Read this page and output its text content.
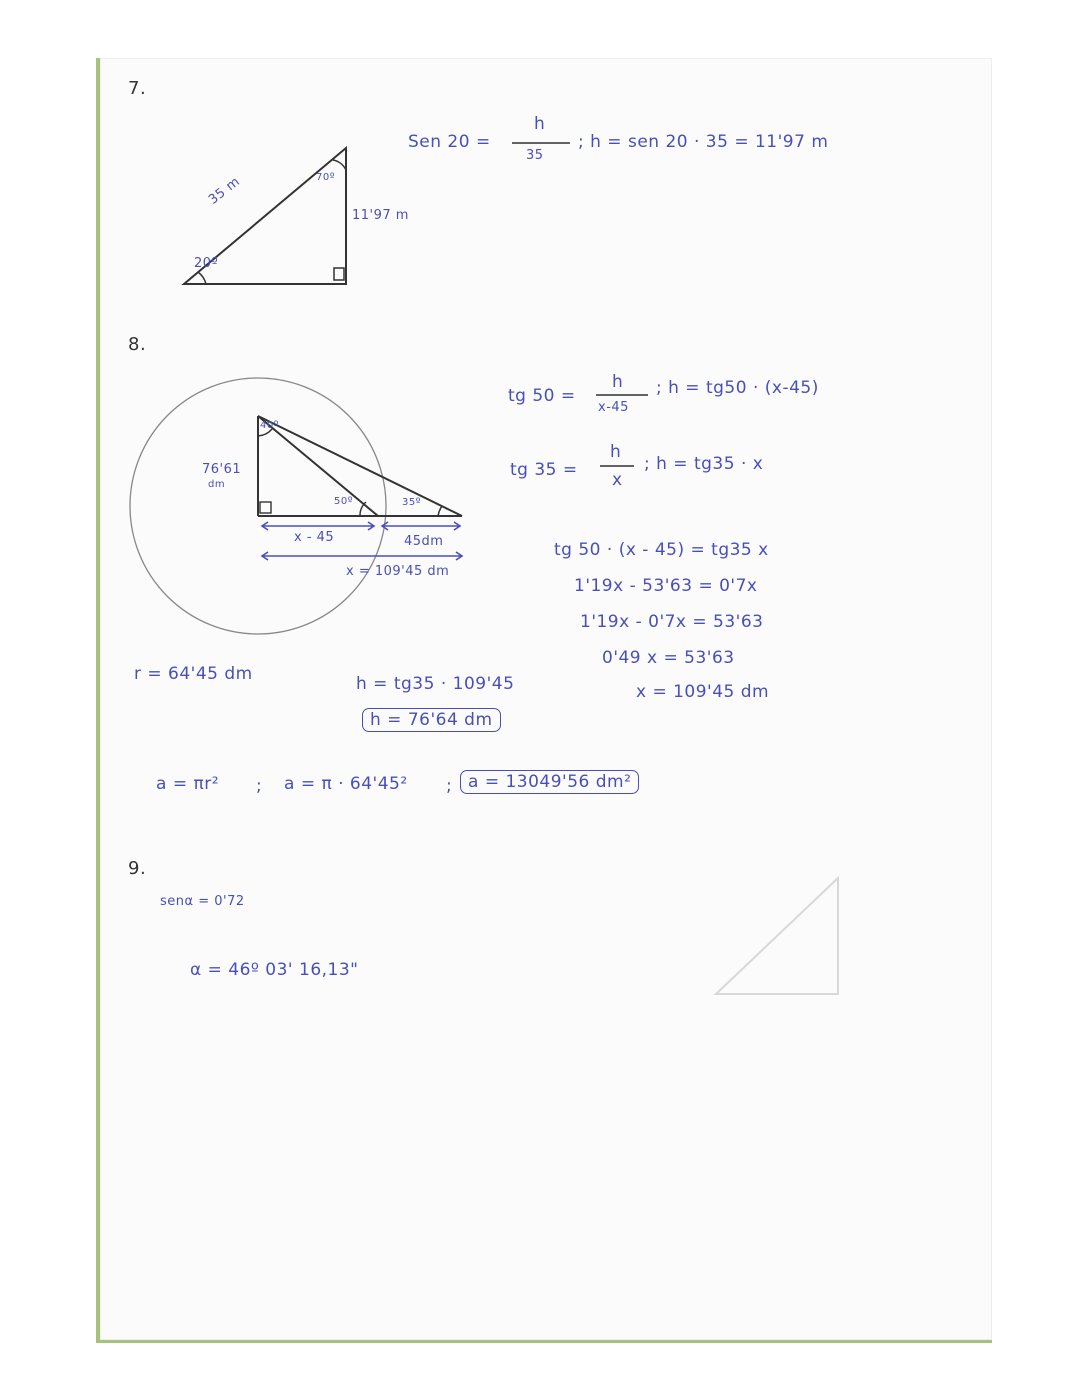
7.
35 m
20º
70º
11'97 m
Sen 20 =
h
35
; h = sen 20 · 35 = 11'97 m
8.
40º
76'61
dm
50º	35º
x - 45	45dm
x = 109'45 dm
tg 50 =
h
x-45
; h = tg50 · (x-45)
tg 35 =
h
x
; h = tg35 · x
tg 50 · (x - 45) = tg35 x
1'19x - 53'63 = 0'7x
1'19x - 0'7x = 53'63
0'49 x = 53'63
x = 109'45 dm
r = 64'45 dm	h = tg35 · 109'45
h = 76'64 dm
a = πr² ; a = π · 64'45² ; a = 13049'56 dm²
9.
senα = 0'72
α = 46º 03' 16,13"
